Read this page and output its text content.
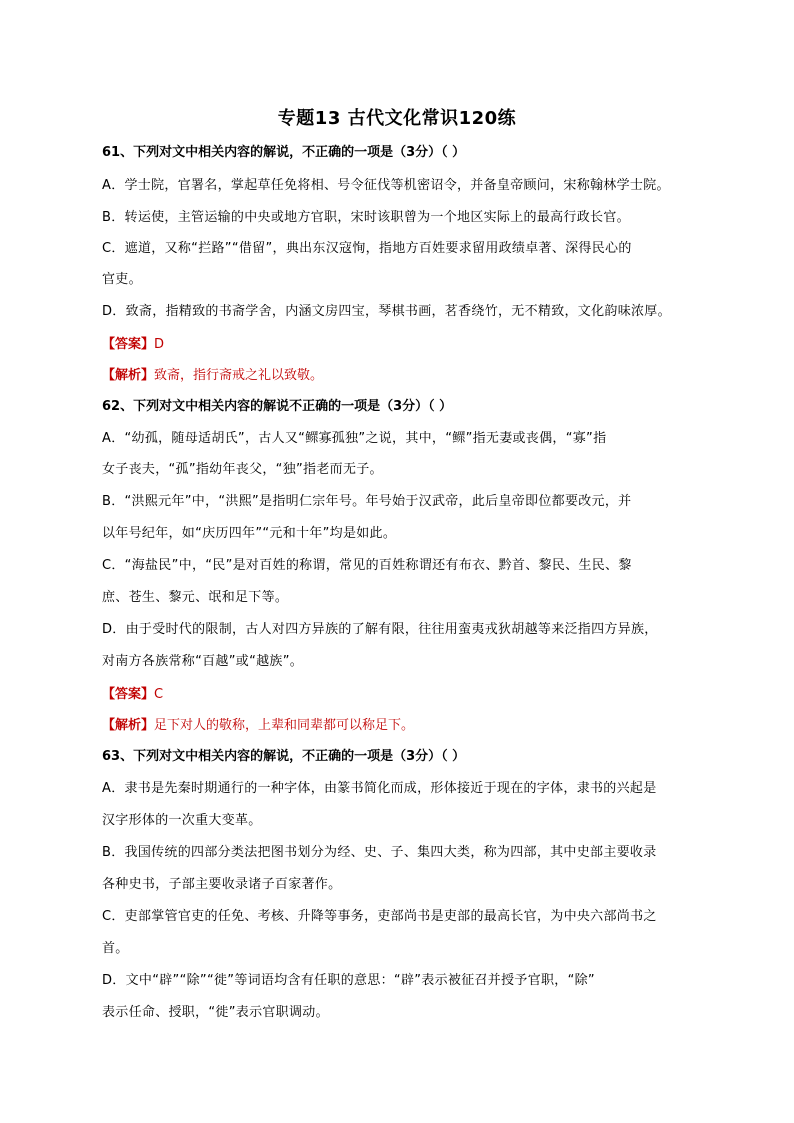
专题13 古代文化常识120练
61、下列对文中相关内容的解说，不正确的一项是（3分）（ ）
A．学士院，官署名，掌起草任免将相、号令征伐等机密诏令，并备皇帝顾问，宋称翰林学士院。
B．转运使，主管运输的中央或地方官职，宋时该职曾为一个地区实际上的最高行政长官。
C．遮道，又称“拦路”“借留”，典出东汉寇恂，指地方百姓要求留用政绩卓著、深得民心的
官吏。
D．致斋，指精致的书斋学舍，内涵文房四宝，琴棋书画，茗香绕竹，无不精致，文化韵味浓厚。
【答案】D
【解析】致斋，指行斋戒之礼以致敬。
62、下列对文中相关内容的解说不正确的一项是（3分）（ ）
A．“幼孤，随母适胡氏”，古人又“鳏寡孤独”之说，其中，“鳏”指无妻或丧偶，“寡”指
女子丧夫，“孤”指幼年丧父，“独”指老而无子。
B．“洪熙元年”中，“洪熙”是指明仁宗年号。年号始于汉武帝，此后皇帝即位都要改元，并
以年号纪年，如“庆历四年”“元和十年”均是如此。
C．“海盐民”中，“民”是对百姓的称谓，常见的百姓称谓还有布衣、黔首、黎民、生民、黎
庶、苍生、黎元、氓和足下等。
D．由于受时代的限制，古人对四方异族的了解有限，往往用蛮夷戎狄胡越等来泛指四方异族，
对南方各族常称“百越”或“越族”。
【答案】C
【解析】足下对人的敬称，上辈和同辈都可以称足下。
63、下列对文中相关内容的解说，不正确的一项是（3分）（ ）
A．隶书是先秦时期通行的一种字体，由篆书简化而成，形体接近于现在的字体，隶书的兴起是
汉字形体的一次重大变革。
B．我国传统的四部分类法把图书划分为经、史、子、集四大类，称为四部，其中史部主要收录
各种史书，子部主要收录诸子百家著作。
C．吏部掌管官吏的任免、考核、升降等事务，吏部尚书是吏部的最高长官，为中央六部尚书之
首。
D．文中“辟”“除”“徙”等词语均含有任职的意思：“辟”表示被征召并授予官职，“除”
表示任命、授职，“徙”表示官职调动。
